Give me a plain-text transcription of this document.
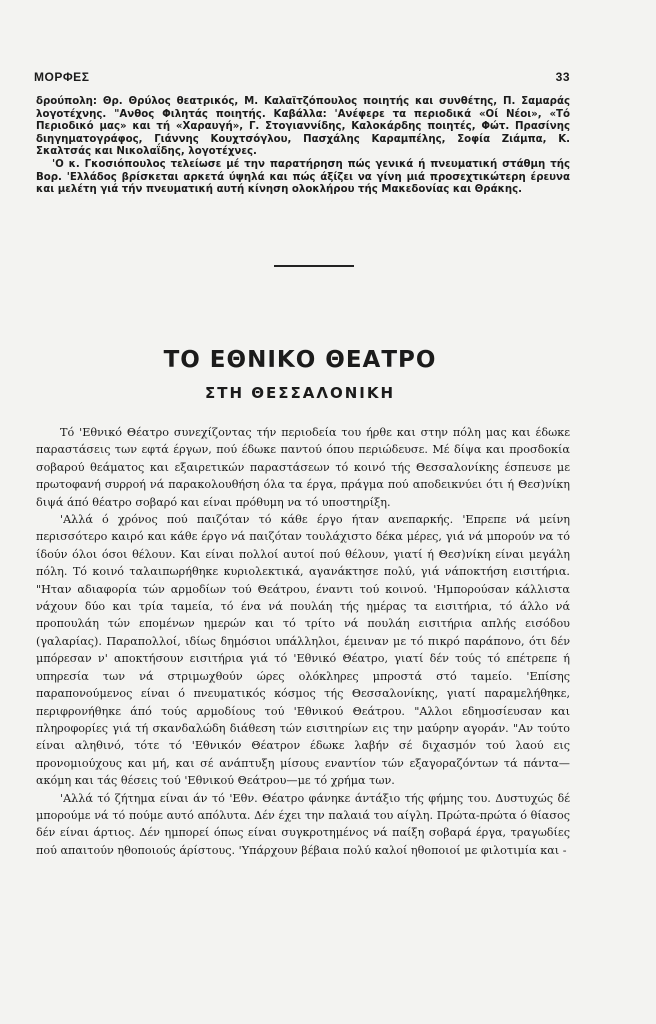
ΜΟΡΦΕΣ	33

δρούπολη: Θρ. Θρύλος θεατρικός, Μ. Καλαϊτζόπουλος ποιητής και συνθέτης, Π. Σαμαράς λογοτέχνης. "Ανθος Φιλητάς ποιητής. Καβάλλα: 'Ανέφερε τα περιοδικά «Οί Νέοι», «Τό Περιοδικό μας» και τή «Χαραυγή», Γ. Στογιαννίδης, Καλοκάρδης ποιητές, Φώτ. Πρασίνης διηγηματογράφος, Γιάννης Κουχτσόγλου, Πασχάλης Καραμπέλης, Σοφία Ζιάμπα, Κ. Σκαλτσάς και Νικολαΐδης, λογοτέχνες.

'Ο κ. Γκοσιόπουλος τελείωσε μέ την παρατήρηση πώς γενικά ή πνευματική στάθμη τής Βορ. 'Ελλάδος βρίσκεται αρκετά ύψηλά και πώς άξίζει να γίνη μιά προσεχτικώτερη έρευνα και μελέτη γιά τήν πνευματική αυτή κίνηση ολοκλήρου τής Μακεδονίας και Θράκης.

ΤΟ ΕΘΝΙΚΟ ΘΕΑΤΡΟ
ΣΤΗ ΘΕΣΣΑΛΟΝΙΚΗ

Τό 'Εθνικό Θέατρο συνεχίζοντας τήν περιοδεία του ήρθε και στην πόλη μας και έδωκε παραστάσεις των εφτά έργων, πού έδωκε παντού όπου περιώδευσε. Μέ δίψα και προσδοκία σοβαρού θεάματος και εξαιρετικών παραστάσεων τό κοινό τής Θεσσαλονίκης έσπευσε με πρωτοφανή συρροή νά παρακολουθήση όλα τα έργα, πράγμα πού αποδεικνύει ότι ή Θεσ)νίκη διψά άπό θέατρο σοβαρό και είναι πρόθυμη να τό υποστηρίξη.

'Αλλά ό χρόνος πού παιζόταν τό κάθε έργο ήταν ανεπαρκής. 'Επρεπε νά μείνη περισσότερο καιρό και κάθε έργο νά παιζόταν τουλάχιστο δέκα μέρες, γιά νά μπορούν να τό ίδούν όλοι όσοι θέλουν. Και είναι πολλοί αυτοί πού θέλουν, γιατί ή Θεσ)νίκη είναι μεγάλη πόλη. Τό κοινό ταλαιπωρήθηκε κυριολεκτικά, αγανάκτησε πολύ, γιά νάποκτήση εισιτήρια. "Ηταν αδιαφορία τών αρμοδίων τού Θεάτρου, έναντι τού κοινού. 'Ημπορούσαν κάλλιστα νάχουν δύο και τρία ταμεία, τό ένα νά πουλάη τής ημέρας τα εισιτήρια, τό άλλο νά προπουλάη τών επομένων ημερών και τό τρίτο νά πουλάη εισιτήρια απλής εισόδου (γαλαρίας). Παραπολλοί, ιδίως δημόσιοι υπάλληλοι, έμειναν με τό πικρό παράπονο, ότι δέν μπόρεσαν ν' αποκτήσουν εισιτήρια γιά τό 'Εθνικό Θέατρο, γιατί δέν τούς τό επέτρεπε ή υπηρεσία των νά στριμωχθούν ώρες ολόκληρες μπροστά στό ταμείο. 'Επίσης παραπονούμενος είναι ό πνευματικός κόσμος τής Θεσσαλονίκης, γιατί παραμελήθηκε, περιφρονήθηκε άπό τούς αρμοδίους τού 'Εθνικού Θεάτρου. "Αλλοι εδημοσίευσαν και πληροφορίες γιά τή σκανδαλώδη διάθεση τών εισιτηρίων εις την μαύρην αγοράν. "Αν τούτο είναι αληθινό, τότε τό 'Εθνικόν Θέατρον έδωκε λαβήν σέ διχασμόν τού λαού εις προνομιούχους και μή, και σέ ανάπτυξη μίσους εναντίον τών εξαγοραζόντων τά πάντα—ακόμη και τάς θέσεις τού 'Εθνικού Θεάτρου—με τό χρήμα των.

'Αλλά τό ζήτημα είναι άν τό 'Εθν. Θέατρο φάνηκε άντάξιο τής φήμης του. Δυστυχώς δέ μπορούμε νά τό πούμε αυτό απόλυτα. Δέν έχει την παλαιά του αίγλη. Πρώτα-πρώτα ό θίασος δέν είναι άρτιος. Δέν ημπορεί όπως είναι συγκροτημένος νά παίξη σοβαρά έργα, τραγωδίες πού απαιτούν ηθοποιούς άρίστους. 'Υπάρχουν βέβαια πολύ καλοί ηθοποιοί με φιλοτιμία και -
